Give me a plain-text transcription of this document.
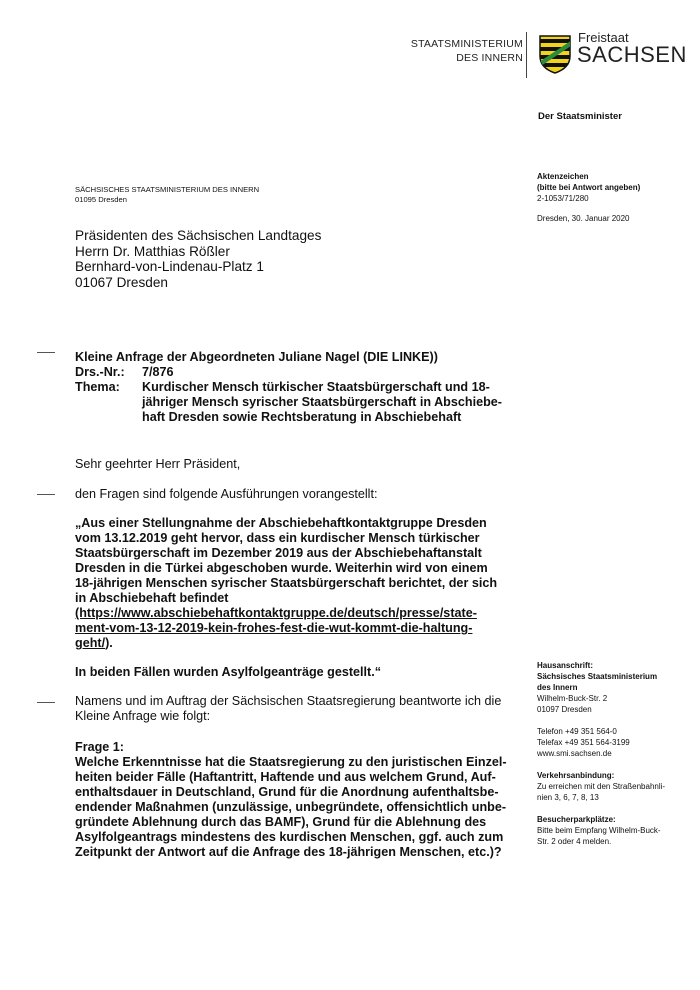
STAATSMINISTERIUM
DES INNERN
Freistaat
SACHSEN
Der Staatsminister
Aktenzeichen
(bitte bei Antwort angeben)
2-1053/71/280
Dresden, 30. Januar 2020
SÄCHSISCHES STAATSMINISTERIUM DES INNERN
01095 Dresden
Präsidenten des Sächsischen Landtages
Herrn Dr. Matthias Rößler
Bernhard-von-Lindenau-Platz 1
01067 Dresden
Kleine Anfrage der Abgeordneten Juliane Nagel (DIE LINKE))
Drs.-Nr.:	7/876
Thema:	Kurdischer Mensch türkischer Staatsbürgerschaft und 18-
jähriger Mensch syrischer Staatsbürgerschaft in Abschiebe-
haft Dresden sowie Rechtsberatung in Abschiebehaft
Sehr geehrter Herr Präsident,
den Fragen sind folgende Ausführungen vorangestellt:
„Aus einer Stellungnahme der Abschiebehaftkontaktgruppe Dresden
vom 13.12.2019 geht hervor, dass ein kurdischer Mensch türkischer
Staatsbürgerschaft im Dezember 2019 aus der Abschiebehaftanstalt
Dresden in die Türkei abgeschoben wurde. Weiterhin wird von einem
18-jährigen Menschen syrischer Staatsbürgerschaft berichtet, der sich
in Abschiebehaft befindet
(https://www.abschiebehaftkontaktgruppe.de/deutsch/presse/state-
ment-vom-13-12-2019-kein-frohes-fest-die-wut-kommt-die-haltung-
geht/).
In beiden Fällen wurden Asylfolgeanträge gestellt.“
Namens und im Auftrag der Sächsischen Staatsregierung beantworte ich die
Kleine Anfrage wie folgt:
Frage 1:
Welche Erkenntnisse hat die Staatsregierung zu den juristischen Einzel-
heiten beider Fälle (Haftantritt, Haftende und aus welchem Grund, Auf-
enthaltsdauer in Deutschland, Grund für die Anordnung aufenthaltsbe-
endender Maßnahmen (unzulässige, unbegründete, offensichtlich unbe-
gründete Ablehnung durch das BAMF), Grund für die Ablehnung des
Asylfolgeantrags mindestens des kurdischen Menschen, ggf. auch zum
Zeitpunkt der Antwort auf die Anfrage des 18-jährigen Menschen, etc.)?
Hausanschrift:
Sächsisches Staatsministerium
des Innern
Wilhelm-Buck-Str. 2
01097 Dresden
Telefon +49 351 564-0
Telefax +49 351 564-3199
www.smi.sachsen.de
Verkehrsanbindung:
Zu erreichen mit den Straßenbahnli-
nien 3, 6, 7, 8, 13
Besucherparkplätze:
Bitte beim Empfang Wilhelm-Buck-
Str. 2 oder 4 melden.
